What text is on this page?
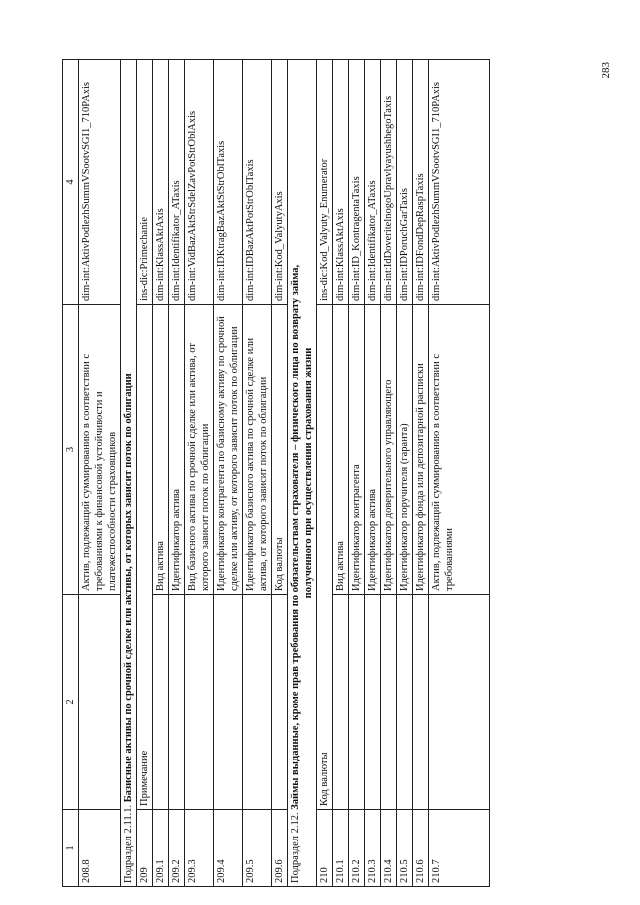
1	2	3	4
208.8		Актив, подлежащий суммированию в соответствии с требованиями к финансовой устойчивости и платежеспособности страховщиков	dim-int:AktivPodlezhSummVSootvSGI1_710PAxis
Подраздел 2.11.1. Базисные активы по срочной сделке или активы, от которых зависит поток по облигации			
209	Примечание		ins-dic:Primechanie
209.1		Вид актива	dim-int:KlassAktAxis
209.2		Идентификатор актива	dim-int:Identifikator_ATaxis
209.3		Вид базисного актива по срочной сделке или актива, от которого зависит поток по облигации	dim-int:VidBazAktStrSdelZavPotStrOblAxis
209.4		Идентификатор контрагента по базисному активу по срочной сделке или активу, от которого зависит поток по облигации	dim-int:IDKtragBazAktStStrOblTaxis
209.5		Идентификатор базисного актива по срочной сделке или актива, от которого зависит поток по облигации	dim-int:IDBazAktPotStrOblTaxis
209.6		Код валюты	dim-int:Kod_ValyutyAxis
Подраздел 2.12. Займы выданные, кроме прав требования по обязательствам страхователя – физического лица по возврату займа, полученного при осуществлении страхования жизни			

210	Код валюты		ins-dic:Kod_Valyuty_Enumerator
210.1		Вид актива	dim-int:KlassAktAxis
210.2		Идентификатор контрагента	dim-int:ID_KontragentaTaxis
210.3		Идентификатор актива	dim-int:Identifikator_ATaxis
210.4		Идентификатор доверительного управляющего	dim-int:IdDoveritelnogoUpravlyayushhegoTaxis
210.5		Идентификатор поручителя (гаранта)	dim-int:IDPoruchGarTaxis
210.6		Идентификатор фонда или депозитарной расписки	dim-int:IDFondDepRaspTaxis
210.7		Актив, подлежащий суммированию в соответствии с требованиями	dim-int:AktivPodlezhSummVSootvSGI1_710PAxis
283
